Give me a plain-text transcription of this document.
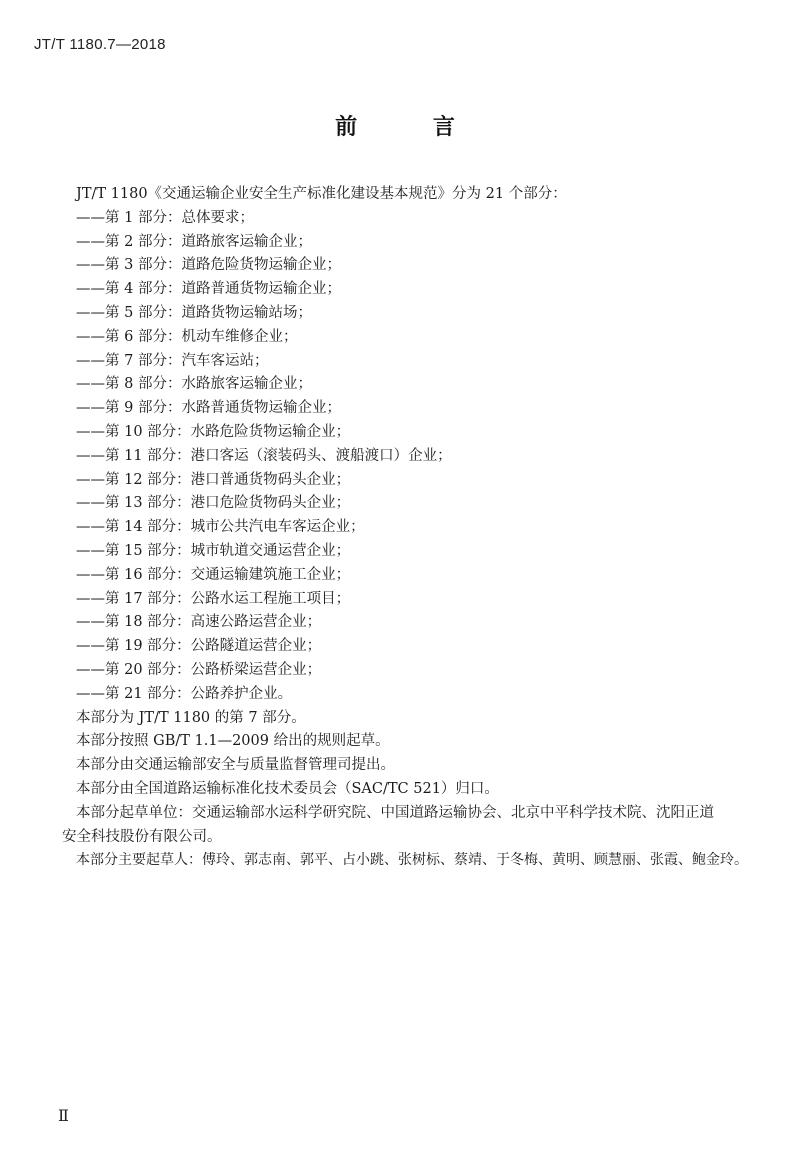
JT/T 1180.7—2018
前 言
JT/T 1180《交通运输企业安全生产标准化建设基本规范》分为 21 个部分：
——第 1 部分：总体要求；
——第 2 部分：道路旅客运输企业；
——第 3 部分：道路危险货物运输企业；
——第 4 部分：道路普通货物运输企业；
——第 5 部分：道路货物运输站场；
——第 6 部分：机动车维修企业；
——第 7 部分：汽车客运站；
——第 8 部分：水路旅客运输企业；
——第 9 部分：水路普通货物运输企业；
——第 10 部分：水路危险货物运输企业；
——第 11 部分：港口客运（滚装码头、渡船渡口）企业；
——第 12 部分：港口普通货物码头企业；
——第 13 部分：港口危险货物码头企业；
——第 14 部分：城市公共汽电车客运企业；
——第 15 部分：城市轨道交通运营企业；
——第 16 部分：交通运输建筑施工企业；
——第 17 部分：公路水运工程施工项目；
——第 18 部分：高速公路运营企业；
——第 19 部分：公路隧道运营企业；
——第 20 部分：公路桥梁运营企业；
——第 21 部分：公路养护企业。
本部分为 JT/T 1180 的第 7 部分。
本部分按照 GB/T 1.1—2009 给出的规则起草。
本部分由交通运输部安全与质量监督管理司提出。
本部分由全国道路运输标准化技术委员会（SAC/TC 521）归口。
本部分起草单位：交通运输部水运科学研究院、中国道路运输协会、北京中平科学技术院、沈阳正道
安全科技股份有限公司。
本部分主要起草人：傅玲、郭志南、郭平、占小跳、张树标、蔡靖、于冬梅、黄明、顾慧丽、张霞、鲍金玲。
Ⅱ
